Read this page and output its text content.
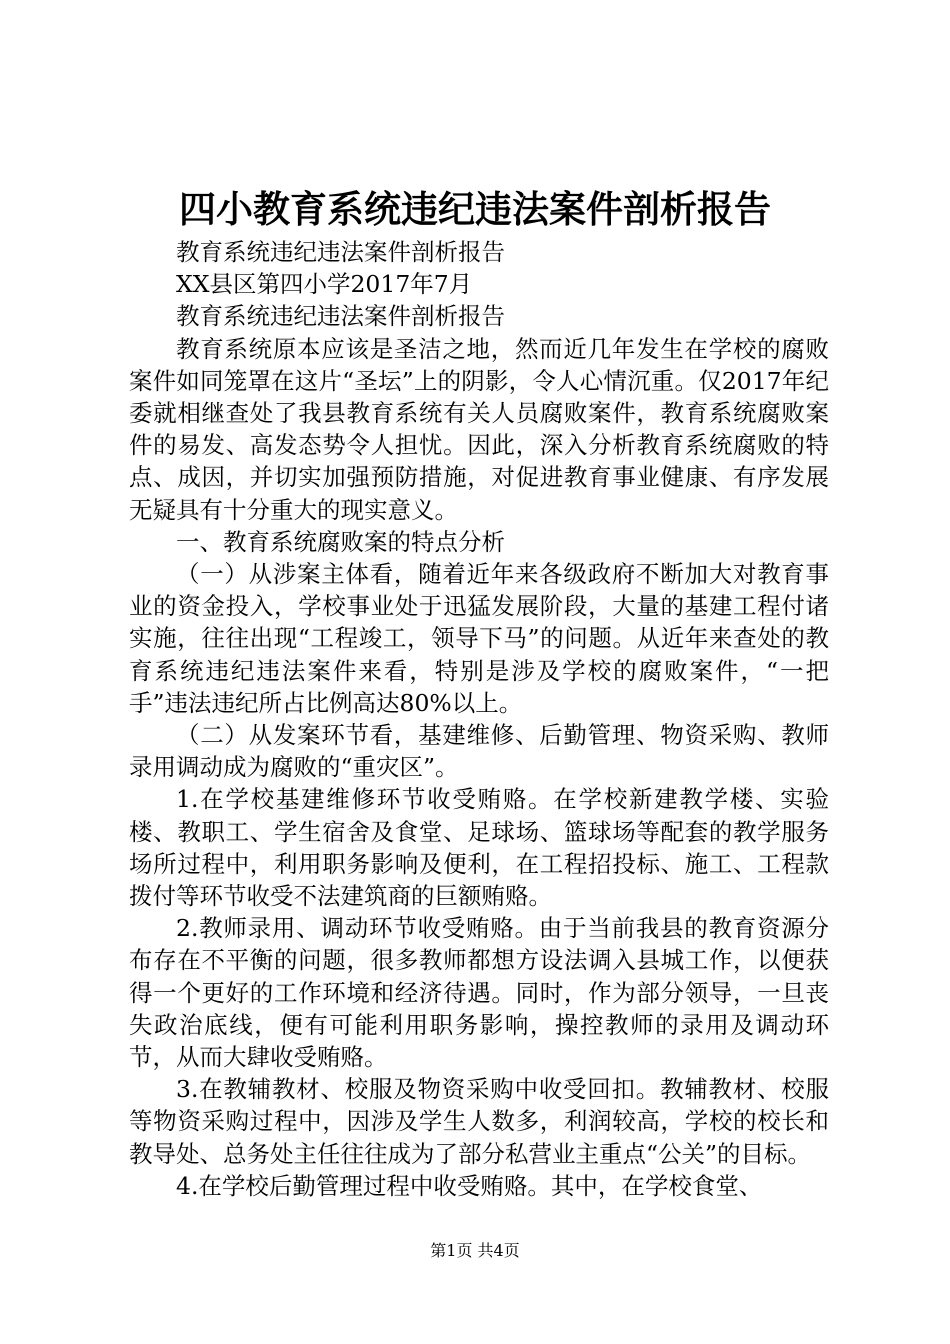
四小教育系统违纪违法案件剖析报告

教育系统违纪违法案件剖析报告

XX县区第四小学2017年7月

教育系统违纪违法案件剖析报告

教育系统原本应该是圣洁之地，然而近几年发生在学校的腐败案件如同笼罩在这片“圣坛”上的阴影，令人心情沉重。仅2017年纪委就相继查处了我县教育系统有关人员腐败案件，教育系统腐败案件的易发、高发态势令人担忧。因此，深入分析教育系统腐败的特点、成因，并切实加强预防措施，对促进教育事业健康、有序发展无疑具有十分重大的现实意义。

一、教育系统腐败案的特点分析

（一）从涉案主体看，随着近年来各级政府不断加大对教育事业的资金投入，学校事业处于迅猛发展阶段，大量的基建工程付诸实施，往往出现“工程竣工，领导下马”的问题。从近年来查处的教育系统违纪违法案件来看，特别是涉及学校的腐败案件，“一把手”违法违纪所占比例高达80%以上。

（二）从发案环节看，基建维修、后勤管理、物资采购、教师录用调动成为腐败的“重灾区”。

1.在学校基建维修环节收受贿赂。在学校新建教学楼、实验楼、教职工、学生宿舍及食堂、足球场、篮球场等配套的教学服务场所过程中，利用职务影响及便利，在工程招投标、施工、工程款拨付等环节收受不法建筑商的巨额贿赂。

2.教师录用、调动环节收受贿赂。由于当前我县的教育资源分布存在不平衡的问题，很多教师都想方设法调入县城工作，以便获得一个更好的工作环境和经济待遇。同时，作为部分领导，一旦丧失政治底线，便有可能利用职务影响，操控教师的录用及调动环节，从而大肆收受贿赂。

3.在教辅教材、校服及物资采购中收受回扣。教辅教材、校服等物资采购过程中，因涉及学生人数多，利润较高，学校的校长和教导处、总务处主任往往成为了部分私营业主重点“公关”的目标。

4.在学校后勤管理过程中收受贿赂。其中，在学校食堂、

第1页 共4页
